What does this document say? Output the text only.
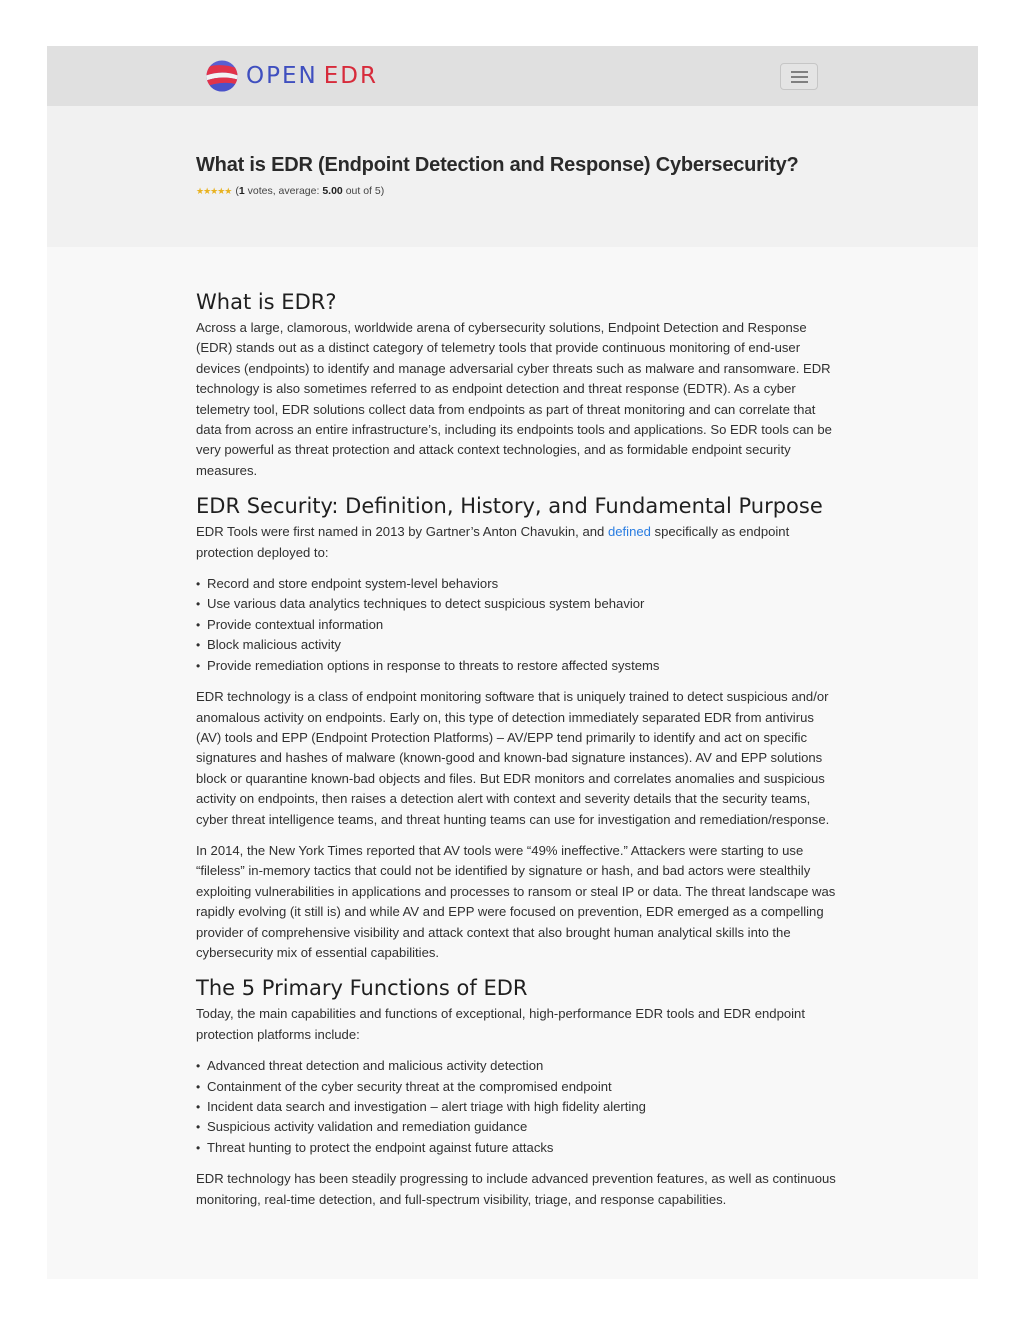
OPEN EDR
What is EDR (Endpoint Detection and Response) Cybersecurity?
★★★★★ ( 1
votes, average:
5.00
out of 5)
What is EDR?

Across a large, clamorous, worldwide arena of cybersecurity solutions, Endpoint Detection and Response (EDR) stands out as a distinct category of telemetry tools that provide continuous monitoring of end-user devices (endpoints) to identify and manage adversarial cyber threats such as malware and ransomware. EDR technology is also sometimes referred to as endpoint detection and threat response (EDTR). As a cyber telemetry tool, EDR solutions collect data from endpoints as part of threat monitoring and can correlate that data from across an entire infrastructure’s, including its endpoints tools and applications. So EDR tools can be very powerful as threat protection and attack context technologies, and as formidable endpoint security measures.

EDR Security: Definition, History, and Fundamental Purpose

EDR Tools were first named in 2013 by Gartner’s Anton Chavukin, and defined specifically as endpoint protection deployed to:

• Record and store endpoint system-level behaviors
• Use various data analytics techniques to detect suspicious system behavior
• Provide contextual information
• Block malicious activity
• Provide remediation options in response to threats to restore affected systems

EDR technology is a class of endpoint monitoring software that is uniquely trained to detect suspicious and/or anomalous activity on endpoints. Early on, this type of detection immediately separated EDR from antivirus (AV) tools and EPP (Endpoint Protection Platforms) – AV/EPP tend primarily to identify and act on specific signatures and hashes of malware (known-good and known-bad signature instances). AV and EPP solutions block or quarantine known-bad objects and files. But EDR monitors and correlates anomalies and suspicious activity on endpoints, then raises a detection alert with context and severity details that the security teams, cyber threat intelligence teams, and threat hunting teams can use for investigation and remediation/response.

In 2014, the New York Times reported that AV tools were “49% ineffective.” Attackers were starting to use “fileless” in-memory tactics that could not be identified by signature or hash, and bad actors were stealthily exploiting vulnerabilities in applications and processes to ransom or steal IP or data. The threat landscape was rapidly evolving (it still is) and while AV and EPP were focused on prevention, EDR emerged as a compelling provider of comprehensive visibility and attack context that also brought human analytical skills into the cybersecurity mix of essential capabilities.

The 5 Primary Functions of EDR

Today, the main capabilities and functions of exceptional, high-performance EDR tools and EDR endpoint protection platforms include:

• Advanced threat detection and malicious activity detection
• Containment of the cyber security threat at the compromised endpoint
• Incident data search and investigation – alert triage with high fidelity alerting
• Suspicious activity validation and remediation guidance
• Threat hunting to protect the endpoint against future attacks

EDR technology has been steadily progressing to include advanced prevention features, as well as continuous monitoring, real-time detection, and full-spectrum visibility, triage, and response capabilities.
